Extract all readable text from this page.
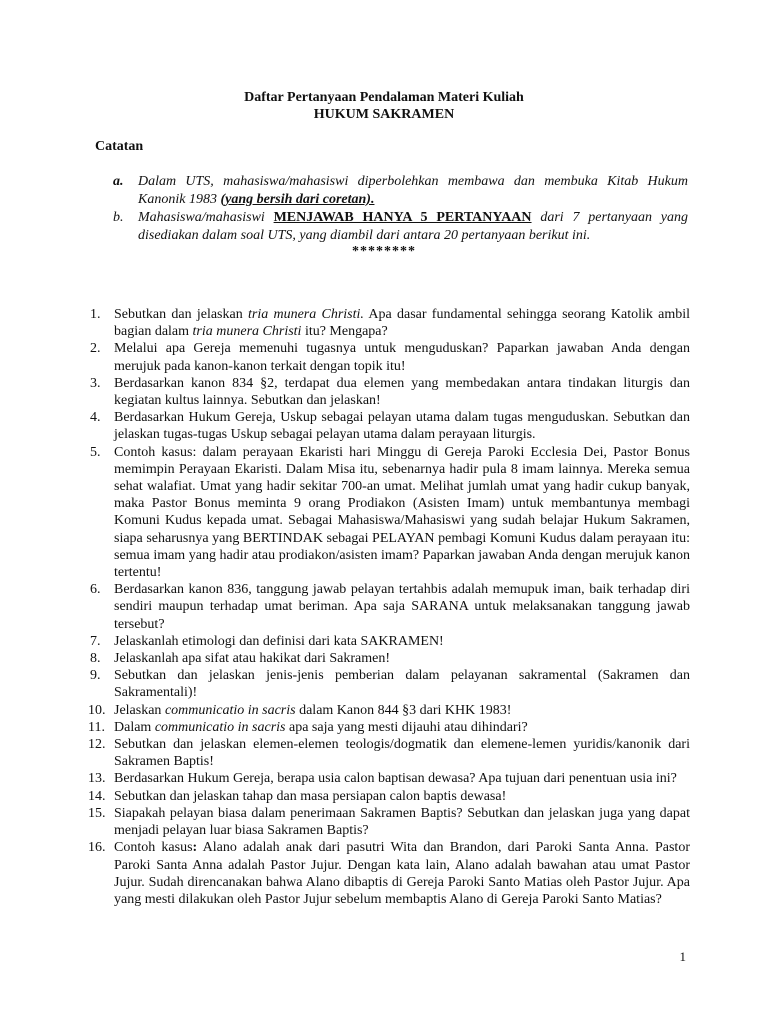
Daftar Pertanyaan Pendalaman Materi Kuliah
HUKUM SAKRAMEN
Catatan
a. Dalam UTS, mahasiswa/mahasiswi diperbolehkan membawa dan membuka Kitab Hukum Kanonik 1983 (yang bersih dari coretan).
b. Mahasiswa/mahasiswi MENJAWAB HANYA 5 PERTANYAAN dari 7 pertanyaan yang disediakan dalam soal UTS, yang diambil dari antara 20 pertanyaan berikut ini.
********
1. Sebutkan dan jelaskan tria munera Christi. Apa dasar fundamental sehingga seorang Katolik ambil bagian dalam tria munera Christi itu? Mengapa?
2. Melalui apa Gereja memenuhi tugasnya untuk menguduskan? Paparkan jawaban Anda dengan merujuk pada kanon-kanon terkait dengan topik itu!
3. Berdasarkan kanon 834 §2, terdapat dua elemen yang membedakan antara tindakan liturgis dan kegiatan kultus lainnya. Sebutkan dan jelaskan!
4. Berdasarkan Hukum Gereja, Uskup sebagai pelayan utama dalam tugas menguduskan. Sebutkan dan jelaskan tugas-tugas Uskup sebagai pelayan utama dalam perayaan liturgis.
5. Contoh kasus: dalam perayaan Ekaristi hari Minggu di Gereja Paroki Ecclesia Dei, Pastor Bonus memimpin Perayaan Ekaristi. Dalam Misa itu, sebenarnya hadir pula 8 imam lainnya. Mereka semua sehat walafiat. Umat yang hadir sekitar 700-an umat. Melihat jumlah umat yang hadir cukup banyak, maka Pastor Bonus meminta 9 orang Prodiakon (Asisten Imam) untuk membantunya membagi Komuni Kudus kepada umat. Sebagai Mahasiswa/Mahasiswi yang sudah belajar Hukum Sakramen, siapa seharusnya yang BERTINDAK sebagai PELAYAN pembagi Komuni Kudus dalam perayaan itu: semua imam yang hadir atau prodiakon/asisten imam? Paparkan jawaban Anda dengan merujuk kanon tertentu!
6. Berdasarkan kanon 836, tanggung jawab pelayan tertahbis adalah memupuk iman, baik terhadap diri sendiri maupun terhadap umat beriman. Apa saja SARANA untuk melaksanakan tanggung jawab tersebut?
7. Jelaskanlah etimologi dan definisi dari kata SAKRAMEN!
8. Jelaskanlah apa sifat atau hakikat dari Sakramen!
9. Sebutkan dan jelaskan jenis-jenis pemberian dalam pelayanan sakramental (Sakramen dan Sakramentali)!
10. Jelaskan communicatio in sacris dalam Kanon 844 §3 dari KHK 1983!
11. Dalam communicatio in sacris apa saja yang mesti dijauhi atau dihindari?
12. Sebutkan dan jelaskan elemen-elemen teologis/dogmatik dan elemene-lemen yuridis/kanonik dari Sakramen Baptis!
13. Berdasarkan Hukum Gereja, berapa usia calon baptisan dewasa? Apa tujuan dari penentuan usia ini?
14. Sebutkan dan jelaskan tahap dan masa persiapan calon baptis dewasa!
15. Siapakah pelayan biasa dalam penerimaan Sakramen Baptis? Sebutkan dan jelaskan juga yang dapat menjadi pelayan luar biasa Sakramen Baptis?
16. Contoh kasus: Alano adalah anak dari pasutri Wita dan Brandon, dari Paroki Santa Anna. Pastor Paroki Santa Anna adalah Pastor Jujur. Dengan kata lain, Alano adalah bawahan atau umat Pastor Jujur. Sudah direncanakan bahwa Alano dibaptis di Gereja Paroki Santo Matias oleh Pastor Jujur. Apa yang mesti dilakukan oleh Pastor Jujur sebelum membaptis Alano di Gereja Paroki Santo Matias?
1
